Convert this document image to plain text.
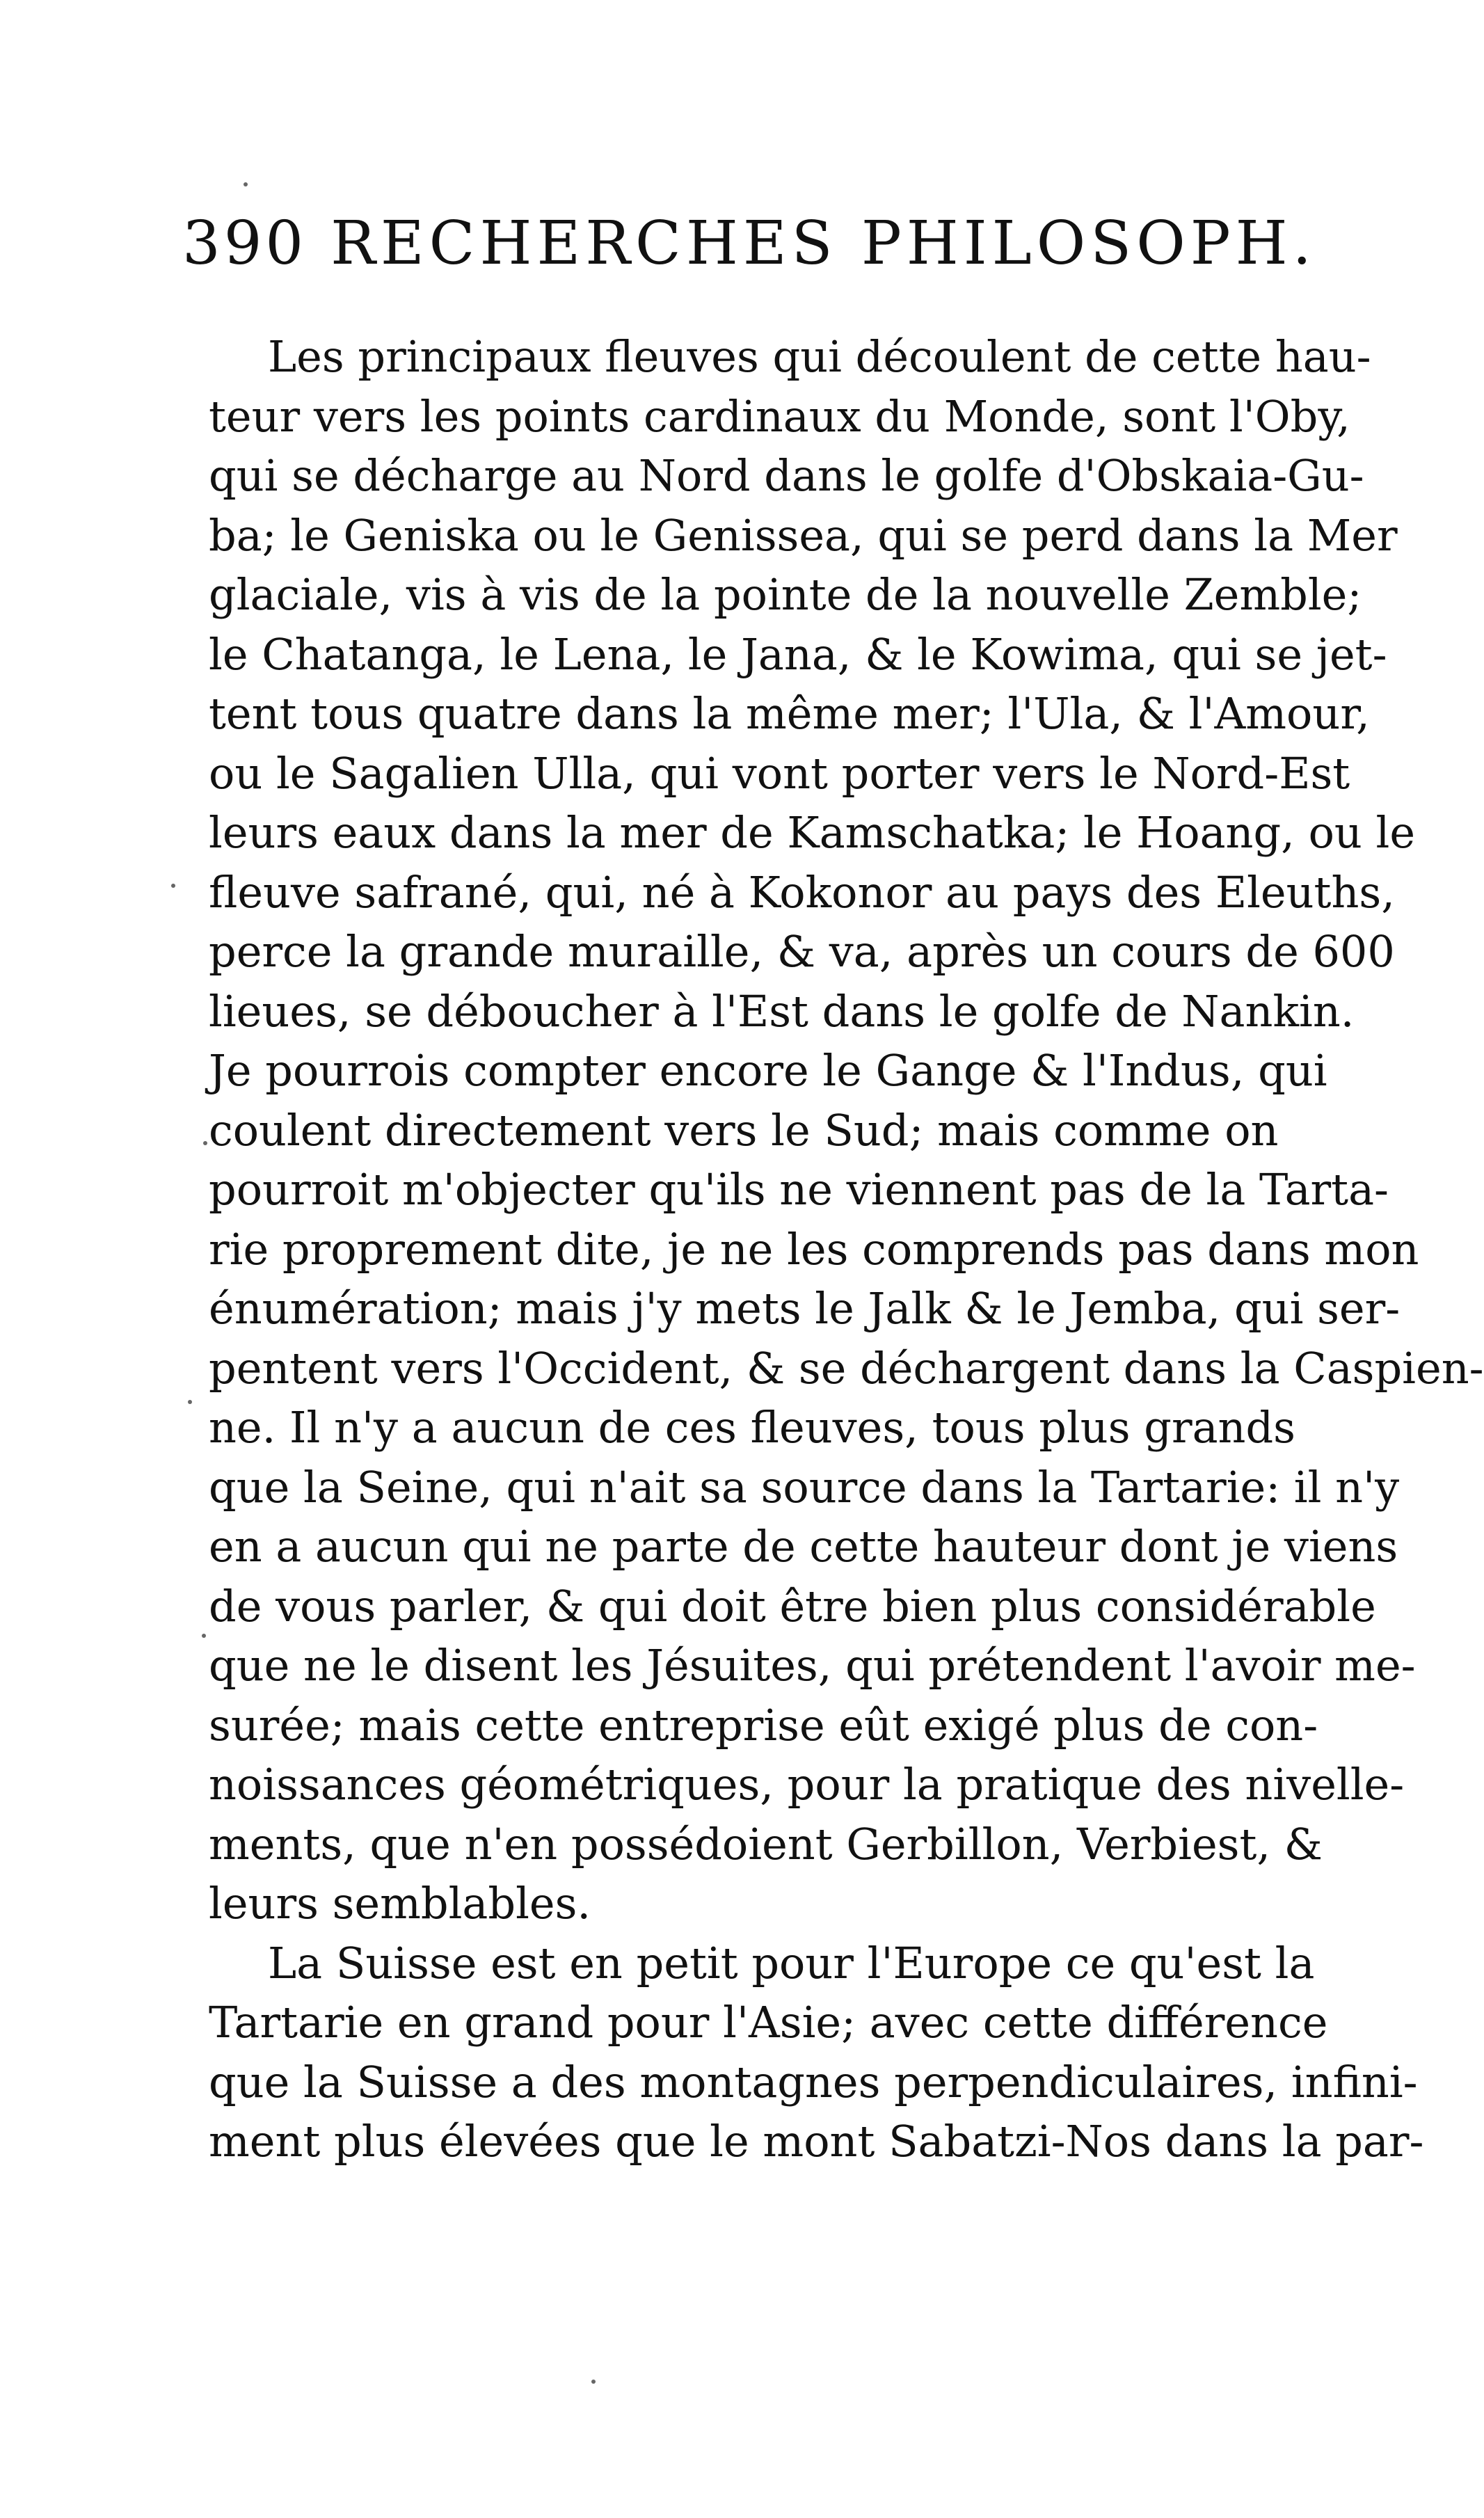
390 RECHERCHES PHILOSOPH.
Les principaux fleuves qui découlent de cette hau-
teur vers les points cardinaux du Monde, sont l'Oby,
qui se décharge au Nord dans le golfe d'Obskaia-Gu-
ba; le Geniska ou le Genissea, qui se perd dans la Mer
glaciale, vis à vis de la pointe de la nouvelle Zemble;
le Chatanga, le Lena, le Jana, & le Kowima, qui se jet-
tent tous quatre dans la même mer; l'Ula, & l'Amour,
ou le Sagalien Ulla, qui vont porter vers le Nord-Est
leurs eaux dans la mer de Kamschatka; le Hoang, ou le
fleuve safrané, qui, né à Kokonor au pays des Eleuths,
perce la grande muraille, & va, après un cours de 600
lieues, se déboucher à l'Est dans le golfe de Nankin.
Je pourrois compter encore le Gange & l'Indus, qui
coulent directement vers le Sud; mais comme on
pourroit m'objecter qu'ils ne viennent pas de la Tarta-
rie proprement dite, je ne les comprends pas dans mon
énumération; mais j'y mets le Jalk & le Jemba, qui ser-
pentent vers l'Occident, & se déchargent dans la Caspien-
ne. Il n'y a aucun de ces fleuves, tous plus grands
que la Seine, qui n'ait sa source dans la Tartarie: il n'y
en a aucun qui ne parte de cette hauteur dont je viens
de vous parler, & qui doit être bien plus considérable
que ne le disent les Jésuites, qui prétendent l'avoir me-
surée; mais cette entreprise eût exigé plus de con-
noissances géométriques, pour la pratique des nivelle-
ments, que n'en possédoient Gerbillon, Verbiest, &
leurs semblables.
La Suisse est en petit pour l'Europe ce qu'est la
Tartarie en grand pour l'Asie; avec cette différence
que la Suisse a des montagnes perpendiculaires, infini-
ment plus élevées que le mont Sabatzi-Nos dans la par-
